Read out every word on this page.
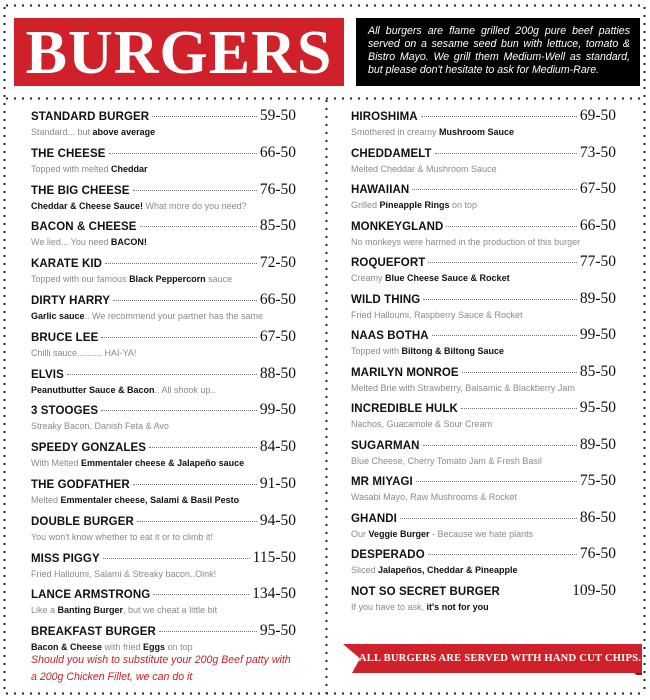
BURGERS	All burgers are flame grilled 200g pure beef patties served on a sesame seed bun with lettuce, tomato & Bistro Mayo. We grill them Medium-Well as standard, but please don't hesitate to ask for Medium-Rare.

STANDARD BURGER	59-50
Standard... but above average
THE CHEESE	66-50
Topped with melted Cheddar
THE BIG CHEESE	76-50
Cheddar & Cheese Sauce! What more do you need?
BACON & CHEESE	85-50
We lied... You need BACON!
KARATE KID	72-50
Topped with our famous Black Peppercorn sauce
DIRTY HARRY	66-50
Garlic sauce.. We recommend your partner has the same
BRUCE LEE	67-50
Chilli sauce.......... HAI-YA!
ELVIS	88-50
Peanutbutter Sauce & Bacon.. All shook up..
3 STOOGES	99-50
Streaky Bacon, Danish Feta & Avo
SPEEDY GONZALES	84-50
With Melted Emmentaler cheese & Jalapeño sauce
THE GODFATHER	91-50
Melted Emmentaler cheese, Salami & Basil Pesto
DOUBLE BURGER	94-50
You won't know whether to eat it or to climb it!
MISS PIGGY	115-50
Fried Halloumi, Salami & Streaky bacon..Oink!
LANCE ARMSTRONG	134-50
Like a Banting Burger, but we cheat a little bit
BREAKFAST BURGER	95-50
Bacon & Cheese with fried Eggs on top
HIROSHIMA	69-50
Smothered in creamy Mushroom Sauce
CHEDDAMELT	73-50
Melted Cheddar & Mushroom Sauce
HAWAIIAN	67-50
Grilled Pineapple Rings on top
MONKEYGLAND	66-50
No monkeys were harmed in the production of this burger
ROQUEFORT	77-50
Creamy Blue Cheese Sauce & Rocket
WILD THING	89-50
Fried Halloumi, Raspberry Sauce & Rocket
NAAS BOTHA	99-50
Topped with Biltong & Biltong Sauce
MARILYN MONROE	85-50
Melted Brie with Strawberry, Balsamic & Blackberry Jam
INCREDIBLE HULK	95-50
Nachos, Guacamole & Sour Cream
SUGARMAN	89-50
Blue Cheese, Cherry Tomato Jam & Fresh Basil
MR MIYAGI	75-50
Wasabi Mayo, Raw Mushrooms & Rocket
GHANDI	86-50
Our Veggie Burger - Because we hate plants
DESPERADO	76-50
Sliced Jalapeños, Cheddar & Pineapple
NOT SO SECRET BURGER	109-50
If you have to ask, it's not for you

Should you wish to substitute your 200g Beef patty with a 200g Chicken Fillet, we can do it

ALL BURGERS ARE SERVED WITH HAND CUT CHIPS.
